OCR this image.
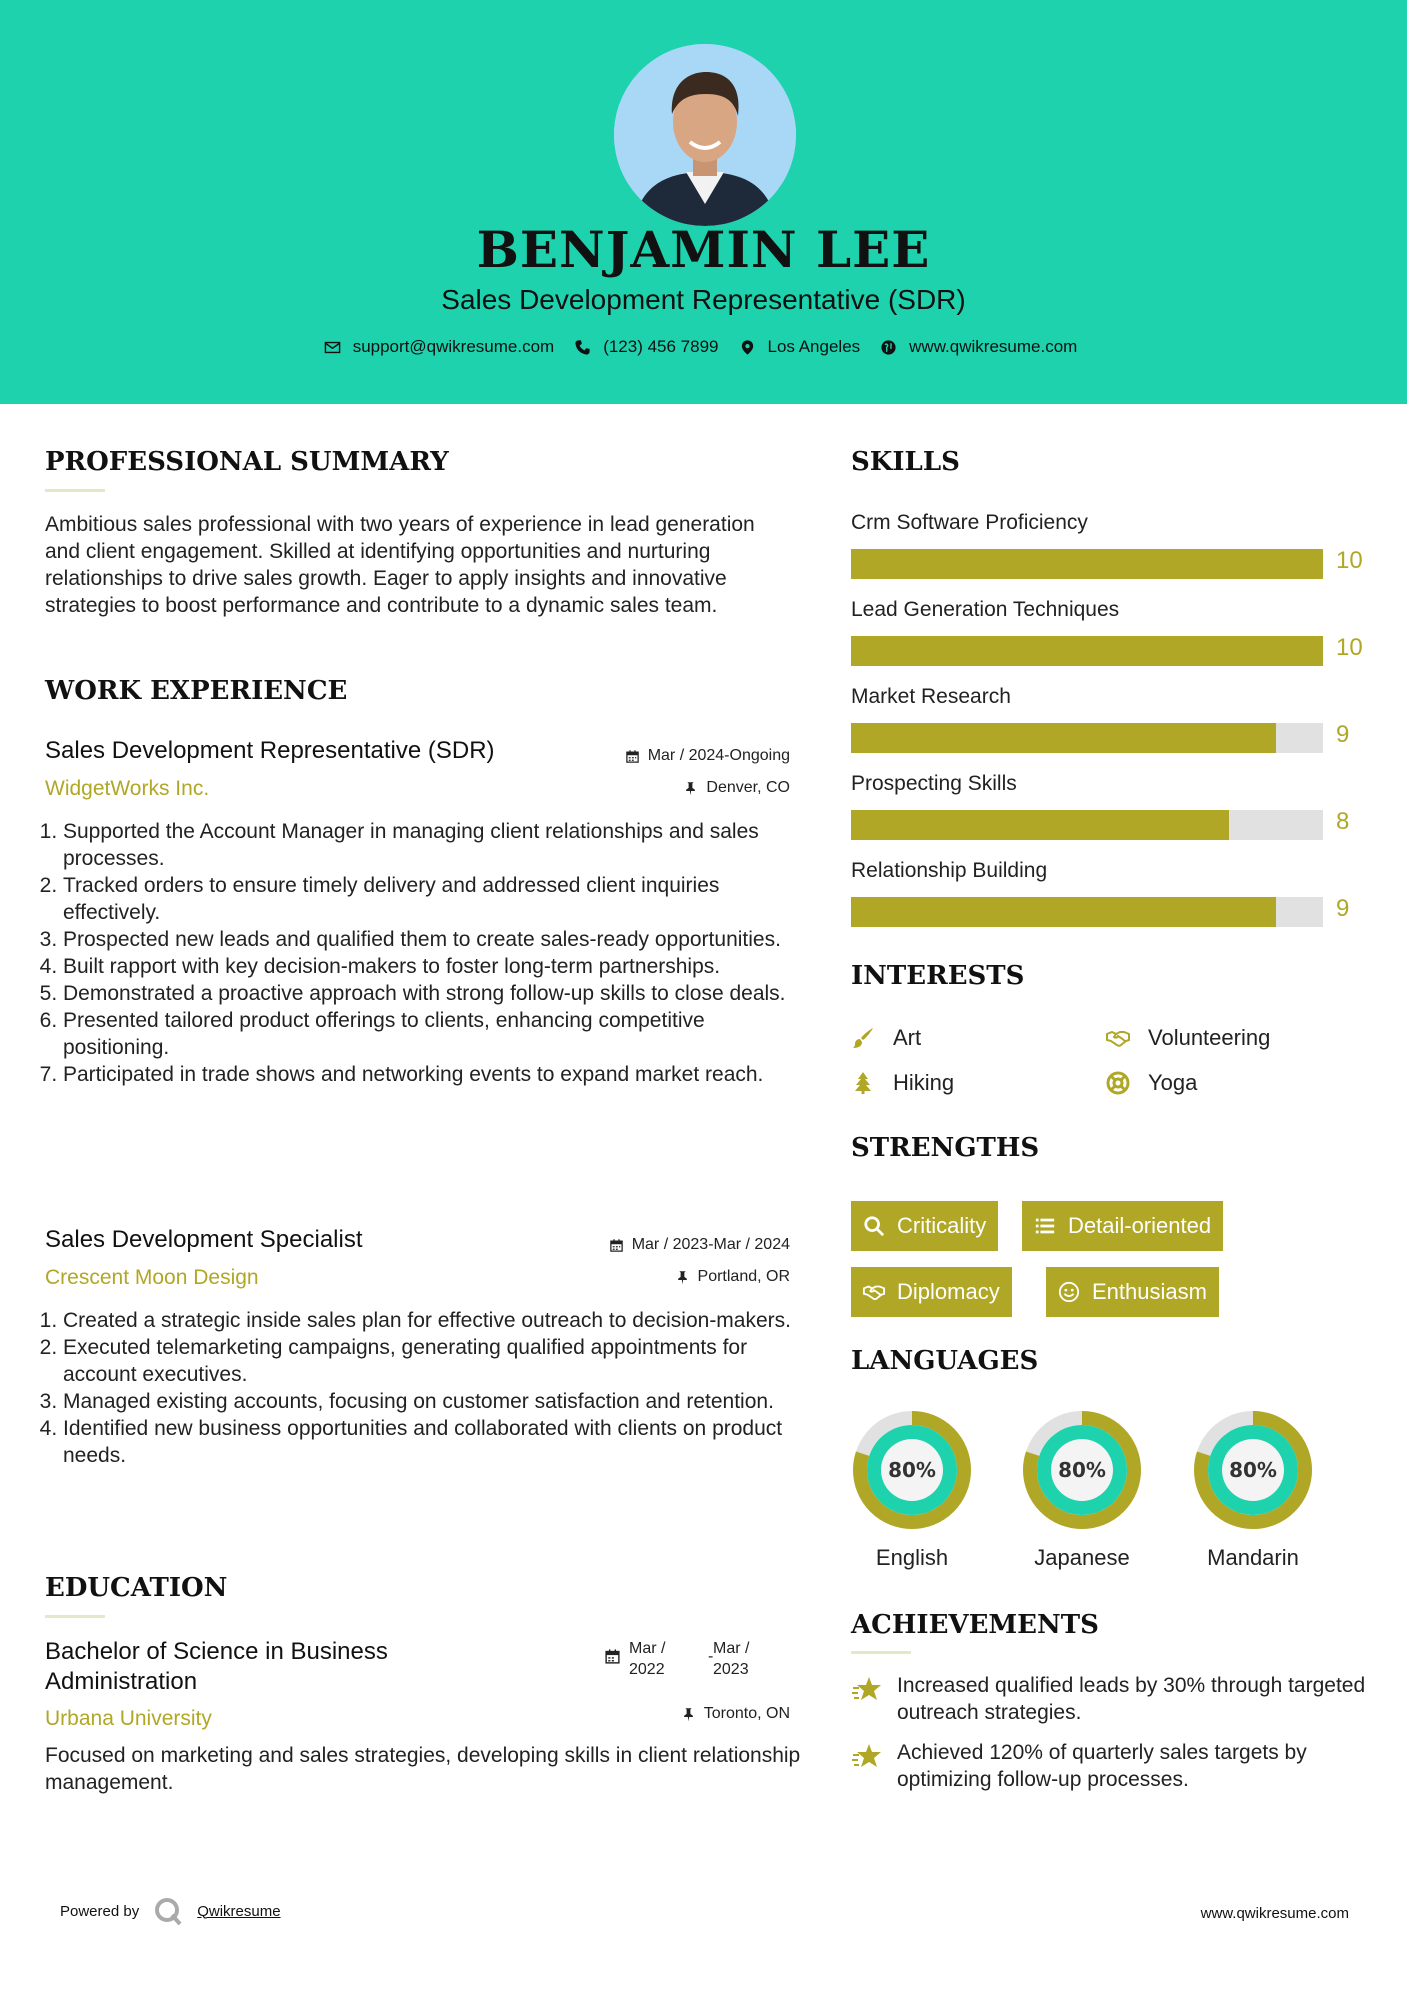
BENJAMIN LEE
Sales Development Representative (SDR)
support@qwikresume.com	(123) 456 7899	Los Angeles	www.qwikresume.com
PROFESSIONAL SUMMARY
Ambitious sales professional with two years of experience in lead generation and client engagement. Skilled at identifying opportunities and nurturing relationships to drive sales growth. Eager to apply insights and innovative strategies to boost performance and contribute to a dynamic sales team.
WORK EXPERIENCE
Sales Development Representative (SDR)	Mar / 2024-Ongoing
WidgetWorks Inc.	Denver, CO
1. Supported the Account Manager in managing client relationships and sales processes.
2. Tracked orders to ensure timely delivery and addressed client inquiries effectively.
3. Prospected new leads and qualified them to create sales-ready opportunities.
4. Built rapport with key decision-makers to foster long-term partnerships.
5. Demonstrated a proactive approach with strong follow-up skills to close deals.
6. Presented tailored product offerings to clients, enhancing competitive positioning.
7. Participated in trade shows and networking events to expand market reach.
Sales Development Specialist	Mar / 2023-Mar / 2024
Crescent Moon Design	Portland, OR
1. Created a strategic inside sales plan for effective outreach to decision-makers.
2. Executed telemarketing campaigns, generating qualified appointments for account executives.
3. Managed existing accounts, focusing on customer satisfaction and retention.
4. Identified new business opportunities and collaborated with clients on product needs.
EDUCATION
Bachelor of Science in Business Administration
Mar / 2022
- Mar / 2023
Urbana University	Toronto, ON
Focused on marketing and sales strategies, developing skills in client relationship management.
SKILLS
Crm Software Proficiency
10
Lead Generation Techniques
10
Market Research
9
Prospecting Skills
8
Relationship Building
9
INTERESTS
Art	Volunteering
Hiking	Yoga
STRENGTHS
Criticality	Detail-oriented
Diplomacy	Enthusiasm
LANGUAGES
80%
English
80%
Japanese
80%
Mandarin
ACHIEVEMENTS
Increased qualified leads by 30% through targeted outreach strategies.
Achieved 120% of quarterly sales targets by optimizing follow-up processes.
Powered by	Qwikresume	www.qwikresume.com
